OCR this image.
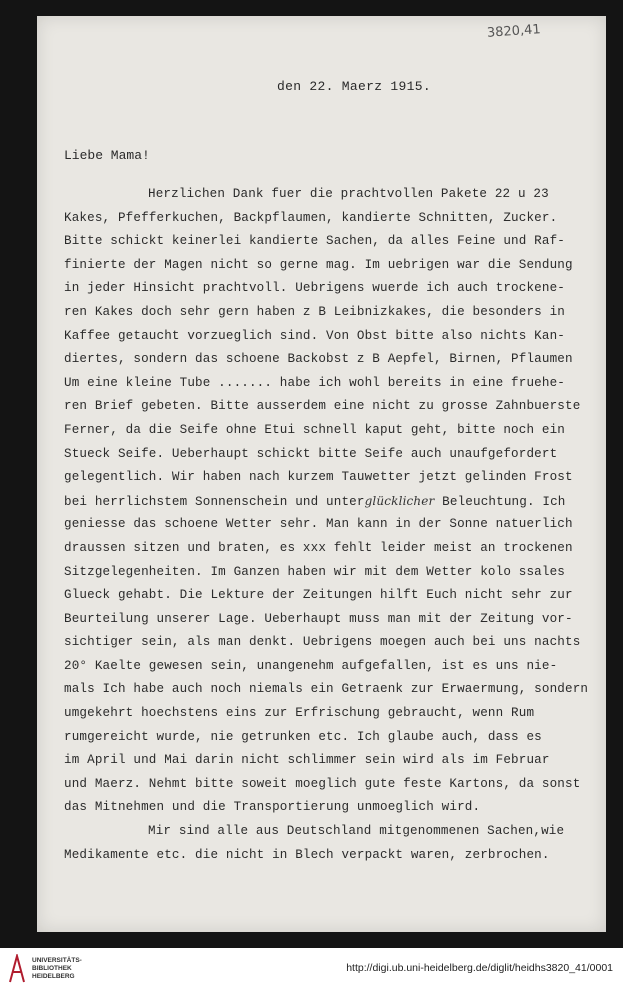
3820,41
den 22. Maerz 1915.
Liebe Mama!
Herzlichen Dank fuer die prachtvollen Pakete 22 u 23
Kakes, Pfefferkuchen, Backpflaumen, kandierte Schnitten, Zucker.
Bitte schickt keinerlei kandierte Sachen, da alles Feine und Raf-
finierte der Magen nicht so gerne mag. Im uebrigen war die Sendung
in jeder Hinsicht prachtvoll. Uebrigens wuerde ich auch trockene-
ren Kakes doch sehr gern haben z B Leibnizkakes, die besonders in
Kaffee getaucht vorzueglich sind. Von Obst bitte also nichts Kan-
diertes, sondern das schoene Backobst z B Aepfel, Birnen, Pflaumen
Um eine kleine Tube ....... habe ich wohl bereits in eine fruehe-
ren Brief gebeten. Bitte ausserdem eine nicht zu grosse Zahnbuerste
Ferner, da die Seife ohne Etui schnell kaput geht, bitte noch ein
Stueck Seife. Ueberhaupt schickt bitte Seife auch unaufgefordert
gelegentlich. Wir haben nach kurzem Tauwetter jetzt gelinden Frost
bei herrlichstem Sonnenschein und unterglücklicher Beleuchtung. Ich
geniesse das schoene Wetter sehr. Man kann in der Sonne natuerlich
draussen sitzen und braten, es xxx fehlt leider meist an trockenen
Sitzgelegenheiten. Im Ganzen haben wir mit dem Wetter kolo ssales
Glueck gehabt. Die Lekture der Zeitungen hilft Euch nicht sehr zur
Beurteilung unserer Lage. Ueberhaupt muss man mit der Zeitung vor-
sichtiger sein, als man denkt. Uebrigens moegen auch bei uns nachts
20° Kaelte gewesen sein, unangenehm aufgefallen, ist es uns nie-
mals Ich habe auch noch niemals ein Getraenk zur Erwaermung, sondern
umgekehrt hoechstens eins zur Erfrischung gebraucht, wenn Rum
rumgereicht wurde, nie getrunken etc. Ich glaube auch, dass es
im April und Mai darin nicht schlimmer sein wird als im Februar
und Maerz. Nehmt bitte soweit moeglich gute feste Kartons, da sonst
das Mitnehmen und die Transportierung unmoeglich wird.
Mir sind alle aus Deutschland mitgenommenen Sachen,wie
Medikamente etc. die nicht in Blech verpackt waren, zerbrochen.
UNIVERSITÄTS-
BIBLIOTHEK
HEIDELBERG
http://digi.ub.uni-heidelberg.de/diglit/heidhs3820_41/0001
